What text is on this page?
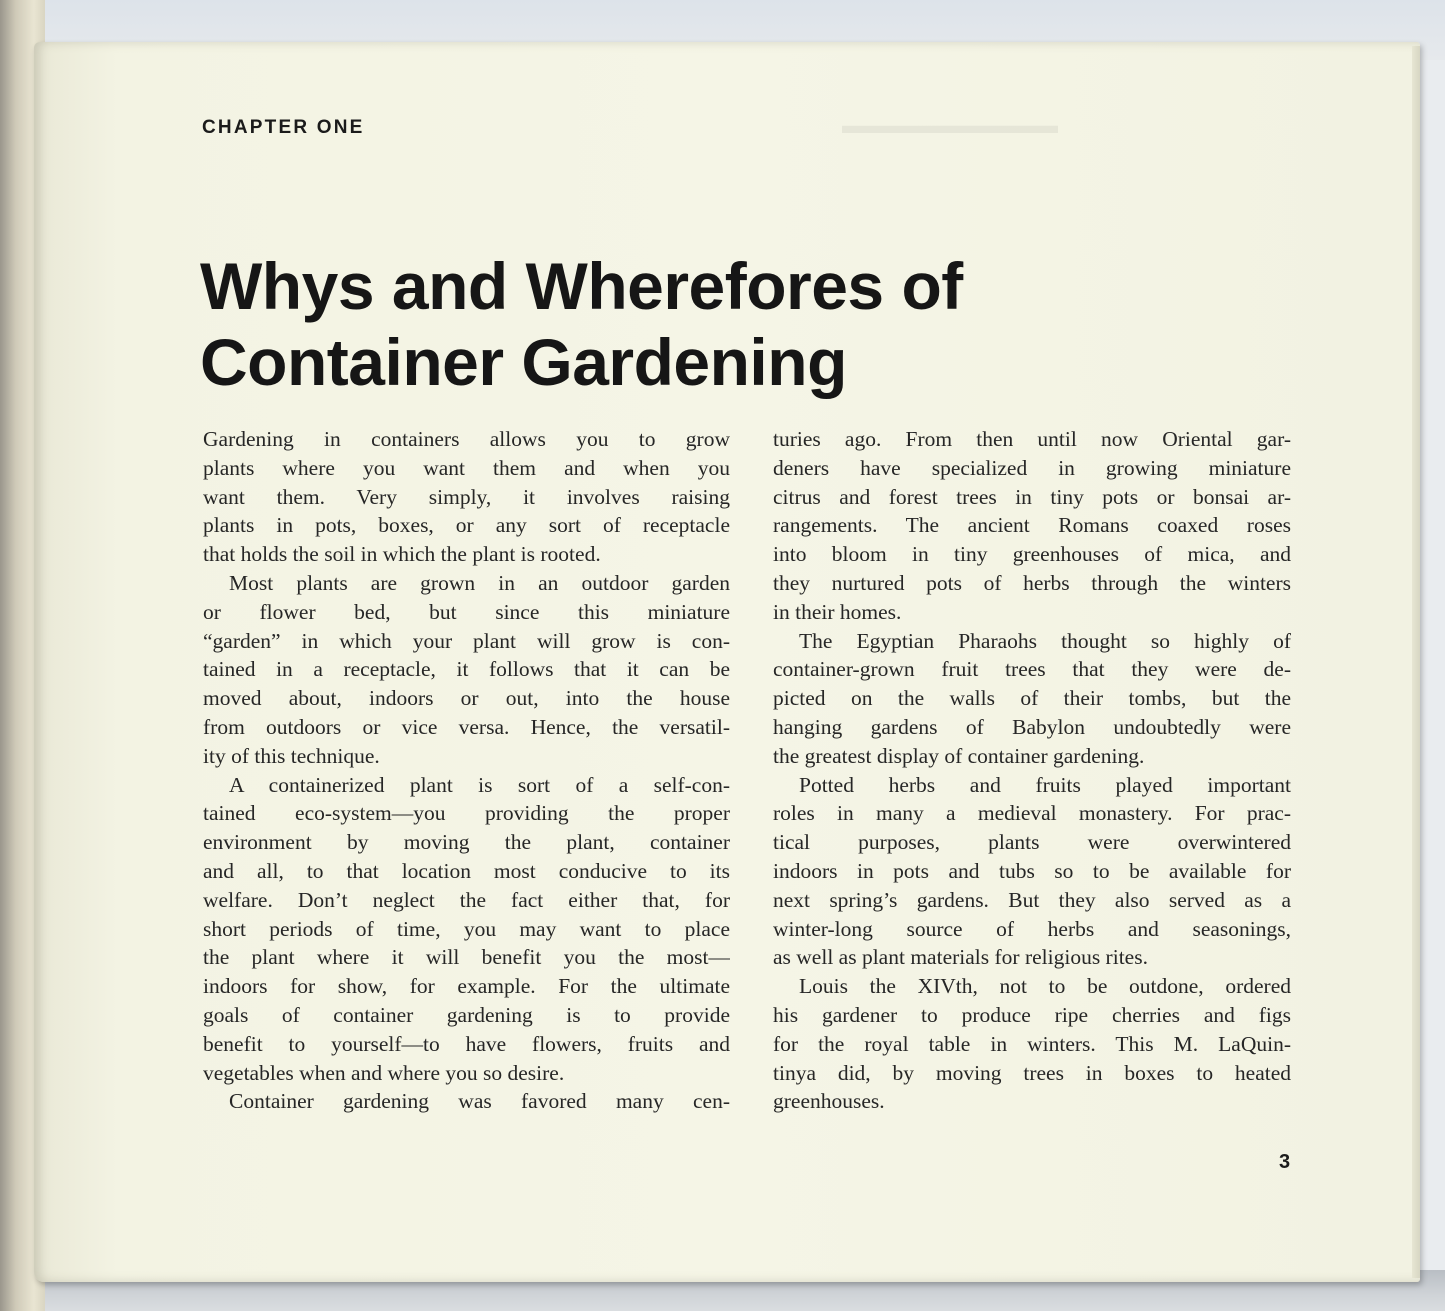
▬▬▬▬▬▬▬▬▬
CHAPTER ONE
Whys and Wherefores of
Container Gardening
Gardening in containers allows you to grow
plants where you want them and when you
want them. Very simply, it involves raising
plants in pots, boxes, or any sort of receptacle
that holds the soil in which the plant is rooted.
Most plants are grown in an outdoor garden
or flower bed, but since this miniature
“garden” in which your plant will grow is con-
tained in a receptacle, it follows that it can be
moved about, indoors or out, into the house
from outdoors or vice versa. Hence, the versatil-
ity of this technique.
A containerized plant is sort of a self-con-
tained eco-system—you providing the proper
environment by moving the plant, container
and all, to that location most conducive to its
welfare. Don’t neglect the fact either that, for
short periods of time, you may want to place
the plant where it will benefit you the most—
indoors for show, for example. For the ultimate
goals of container gardening is to provide
benefit to yourself—to have flowers, fruits and
vegetables when and where you so desire.
Container gardening was favored many cen-
turies ago. From then until now Oriental gar-
deners have specialized in growing miniature
citrus and forest trees in tiny pots or bonsai ar-
rangements. The ancient Romans coaxed roses
into bloom in tiny greenhouses of mica, and
they nurtured pots of herbs through the winters
in their homes.
The Egyptian Pharaohs thought so highly of
container-grown fruit trees that they were de-
picted on the walls of their tombs, but the
hanging gardens of Babylon undoubtedly were
the greatest display of container gardening.
Potted herbs and fruits played important
roles in many a medieval monastery. For prac-
tical purposes, plants were overwintered
indoors in pots and tubs so to be available for
next spring’s gardens. But they also served as a
winter-long source of herbs and seasonings,
as well as plant materials for religious rites.
Louis the XIVth, not to be outdone, ordered
his gardener to produce ripe cherries and figs
for the royal table in winters. This M. LaQuin-
tinya did, by moving trees in boxes to heated
greenhouses.
3
